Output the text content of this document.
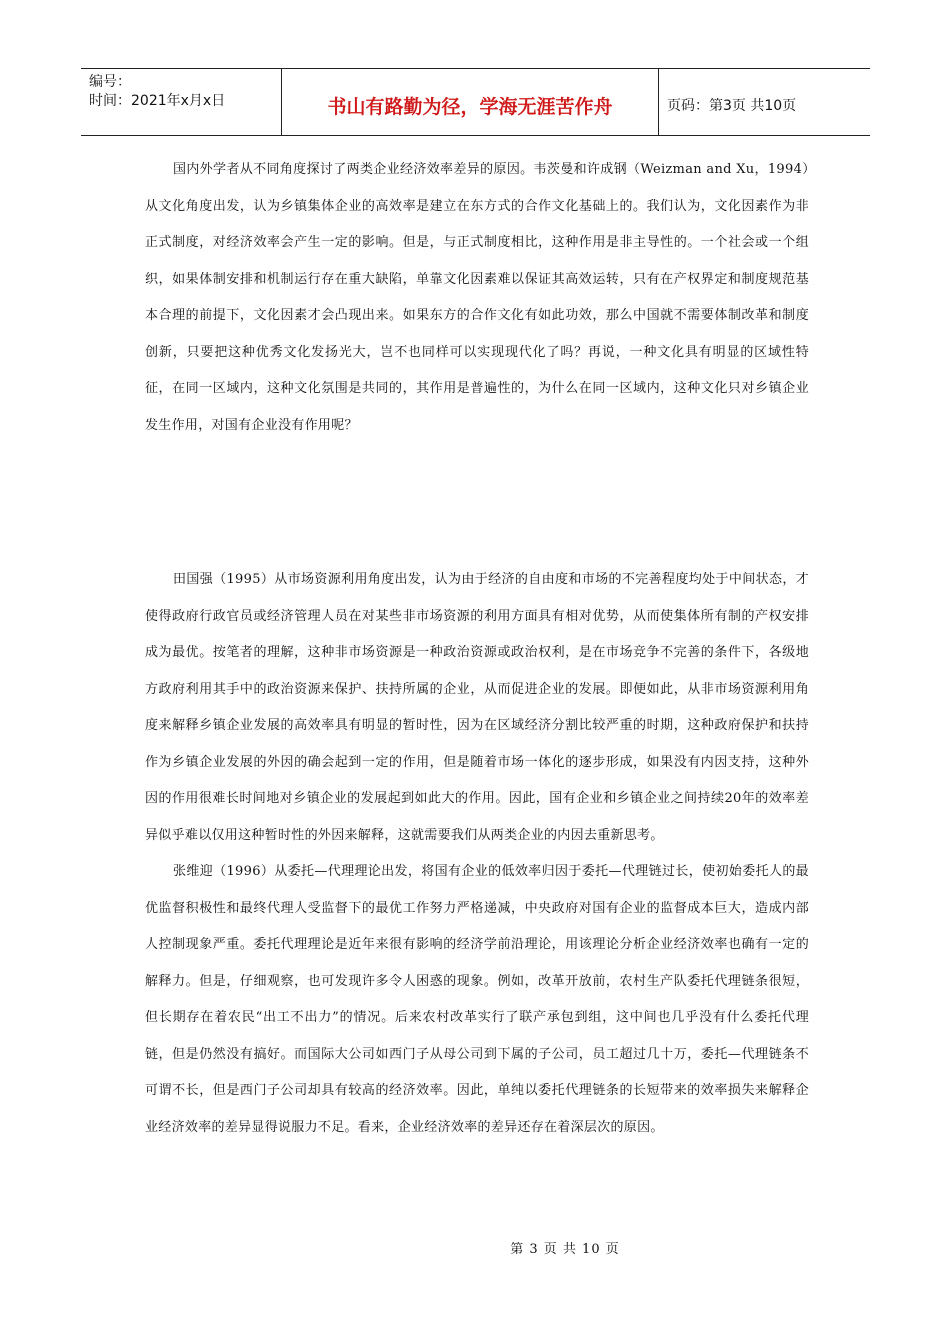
编号：
时间：2021年x月x日	书山有路勤为径，学海无涯苦作舟	页码：第3页 共10页

国内外学者从不同角度探讨了两类企业经济效率差异的原因。韦茨曼和许成钢（Weizman and Xu，1994）从文化角度出发，认为乡镇集体企业的高效率是建立在东方式的合作文化基础上的。我们认为，文化因素作为非正式制度，对经济效率会产生一定的影响。但是，与正式制度相比，这种作用是非主导性的。一个社会或一个组织，如果体制安排和机制运行存在重大缺陷，单靠文化因素难以保证其高效运转，只有在产权界定和制度规范基本合理的前提下，文化因素才会凸现出来。如果东方的合作文化有如此功效，那么中国就不需要体制改革和制度创新，只要把这种优秀文化发扬光大，岂不也同样可以实现现代化了吗？再说，一种文化具有明显的区域性特征，在同一区域内，这种文化氛围是共同的，其作用是普遍性的，为什么在同一区域内，这种文化只对乡镇企业发生作用，对国有企业没有作用呢？

田国强（1995）从市场资源利用角度出发，认为由于经济的自由度和市场的不完善程度均处于中间状态，才使得政府行政官员或经济管理人员在对某些非市场资源的利用方面具有相对优势，从而使集体所有制的产权安排成为最优。按笔者的理解，这种非市场资源是一种政治资源或政治权利，是在市场竞争不完善的条件下，各级地方政府利用其手中的政治资源来保护、扶持所属的企业，从而促进企业的发展。即便如此，从非市场资源利用角度来解释乡镇企业发展的高效率具有明显的暂时性，因为在区域经济分割比较严重的时期，这种政府保护和扶持作为乡镇企业发展的外因的确会起到一定的作用，但是随着市场一体化的逐步形成，如果没有内因支持，这种外因的作用很难长时间地对乡镇企业的发展起到如此大的作用。因此，国有企业和乡镇企业之间持续20年的效率差异似乎难以仅用这种暂时性的外因来解释，这就需要我们从两类企业的内因去重新思考。

张维迎（1996）从委托—代理理论出发，将国有企业的低效率归因于委托—代理链过长，使初始委托人的最优监督积极性和最终代理人受监督下的最优工作努力严格递减，中央政府对国有企业的监督成本巨大，造成内部人控制现象严重。委托代理理论是近年来很有影响的经济学前沿理论，用该理论分析企业经济效率也确有一定的解释力。但是，仔细观察，也可发现许多令人困惑的现象。例如，改革开放前，农村生产队委托代理链条很短，但长期存在着农民“出工不出力”的情况。后来农村改革实行了联产承包到组，这中间也几乎没有什么委托代理链，但是仍然没有搞好。而国际大公司如西门子从母公司到下属的子公司，员工超过几十万，委托—代理链条不可谓不长，但是西门子公司却具有较高的经济效率。因此，单纯以委托代理链条的长短带来的效率损失来解释企业经济效率的差异显得说服力不足。看来，企业经济效率的差异还存在着深层次的原因。

第 3 页 共 10 页
